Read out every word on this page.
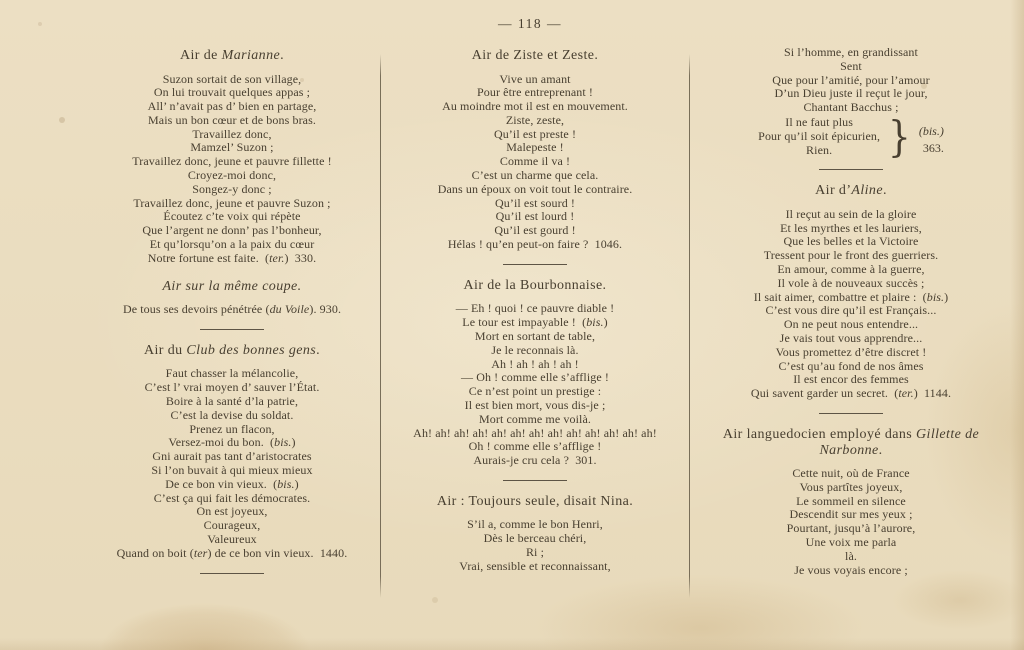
— 118 —
Air de Marianne.
Suzon sortait de son village,
On lui trouvait quelques appas ;
All’ n’avait pas d’ bien en partage,
Mais un bon cœur et de bons bras.
Travaillez donc,
Mamzel’ Suzon ;
Travaillez donc, jeune et pauvre fillette !
Croyez-moi donc,
Songez-y donc ;
Travaillez donc, jeune et pauvre Suzon ;
Écoutez c’te voix qui répète
Que l’argent ne donn’ pas l’bonheur,
Et qu’lorsqu’on a la paix du cœur
Notre fortune est faite.  (ter.)  330.
Air sur la même coupe.
De tous ses devoirs pénétrée (du Voile). 930.
Air du Club des bonnes gens.
Faut chasser la mélancolie,
C’est l’ vrai moyen d’ sauver l’État.
Boire à la santé d’la patrie,
C’est la devise du soldat.
Prenez un flacon,
Versez-moi du bon.  (bis.)
Gni aurait pas tant d’aristocrates
Si l’on buvait à qui mieux mieux
De ce bon vin vieux.  (bis.)
C’est ça qui fait les démocrates.
On est joyeux,
Courageux,
Valeureux
Quand on boit (ter) de ce bon vin vieux.  1440.
Air de Ziste et Zeste.
Vive un amant
Pour être entreprenant !
Au moindre mot il est en mouvement.
Ziste, zeste,
Qu’il est preste !
Malepeste !
Comme il va !
C’est un charme que cela.
Dans un époux on voit tout le contraire.
Qu’il est sourd !
Qu’il est lourd !
Qu’il est gourd !
Hélas ! qu’en peut-on faire ?  1046.
Air de la Bourbonnaise.
— Eh ! quoi ! ce pauvre diable !
Le tour est impayable !  (bis.)
Mort en sortant de table,
Je le reconnais là.
Ah ! ah ! ah ! ah !
— Oh ! comme elle s’afflige !
Ce n’est point un prestige :
Il est bien mort, vous dis-je ;
Mort comme me voilà.
Ah! ah! ah! ah! ah! ah! ah! ah! ah! ah! ah! ah! ah!
Oh ! comme elle s’afflige !
Aurais-je cru cela ?  301.
Air : Toujours seule, disait Nina.
S’il a, comme le bon Henri,
Dès le berceau chéri,
Ri ;
Vrai, sensible et reconnaissant,
Si l’homme, en grandissant
Sent
Que pour l’amitié, pour l’amour
D’un Dieu juste il reçut le jour,
Chantant Bacchus ;
Il ne faut plus
Pour qu’il soit épicurien,
Rien.	} (bis.)
363.
Air d’Aline.
Il reçut au sein de la gloire
Et les myrthes et les lauriers,
Que les belles et la Victoire
Tressent pour le front des guerriers.
En amour, comme à la guerre,
Il vole à de nouveaux succès ;
Il sait aimer, combattre et plaire :  (bis.)
C’est vous dire qu’il est Français...
On ne peut nous entendre...
Je vais tout vous apprendre...
Vous promettez d’être discret !
C’est qu’au fond de nos âmes
Il est encor des femmes
Qui savent garder un secret.  (ter.)  1144.
Air languedocien employé dans Gillette de Narbonne.
Cette nuit, où de France
Vous partîtes joyeux,
Le sommeil en silence
Descendit sur mes yeux ;
Pourtant, jusqu’à l’aurore,
Une voix me parla
là.
Je vous voyais encore ;
